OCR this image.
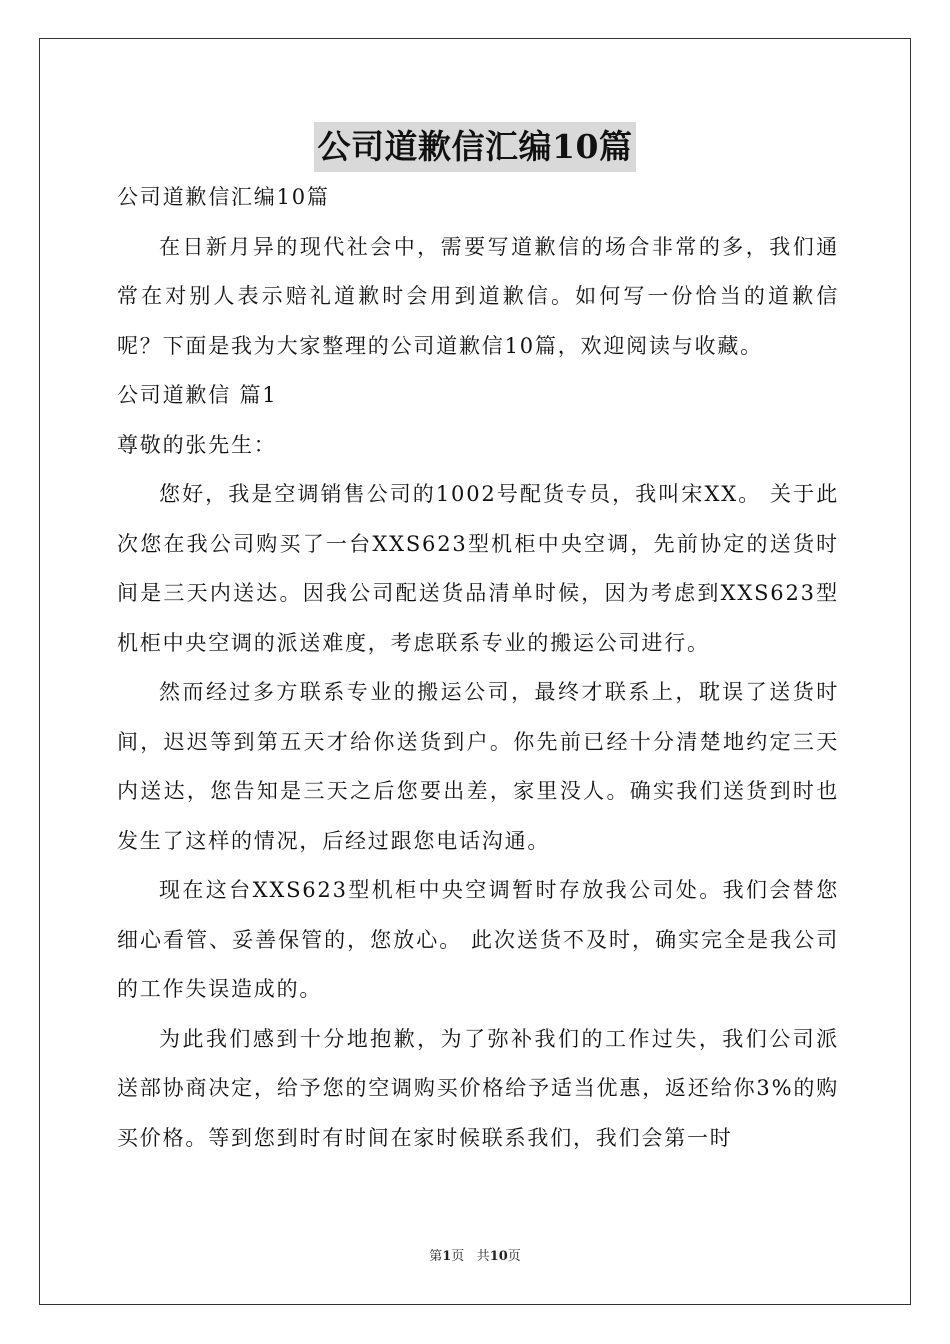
公司道歉信汇编10篇

公司道歉信汇编10篇

在日新月异的现代社会中，需要写道歉信的场合非常的多，我们通常在对别人表示赔礼道歉时会用到道歉信。如何写一份恰当的道歉信呢？下面是我为大家整理的公司道歉信10篇，欢迎阅读与收藏。

公司道歉信 篇1

尊敬的张先生：

您好，我是空调销售公司的1002号配货专员，我叫宋XX。 关于此次您在我公司购买了一台XXS623型机柜中央空调，先前协定的送货时间是三天内送达。因我公司配送货品清单时候，因为考虑到XXS623型机柜中央空调的派送难度，考虑联系专业的搬运公司进行。

然而经过多方联系专业的搬运公司，最终才联系上，耽误了送货时间，迟迟等到第五天才给你送货到户。你先前已经十分清楚地约定三天内送达，您告知是三天之后您要出差，家里没人。确实我们送货到时也发生了这样的情况，后经过跟您电话沟通。

现在这台XXS623型机柜中央空调暂时存放我公司处。我们会替您细心看管、妥善保管的，您放心。 此次送货不及时，确实完全是我公司的工作失误造成的。

为此我们感到十分地抱歉，为了弥补我们的工作过失，我们公司派送部协商决定，给予您的空调购买价格给予适当优惠，返还给你3%的购买价格。等到您到时有时间在家时候联系我们，我们会第一时

第1页 共10页
